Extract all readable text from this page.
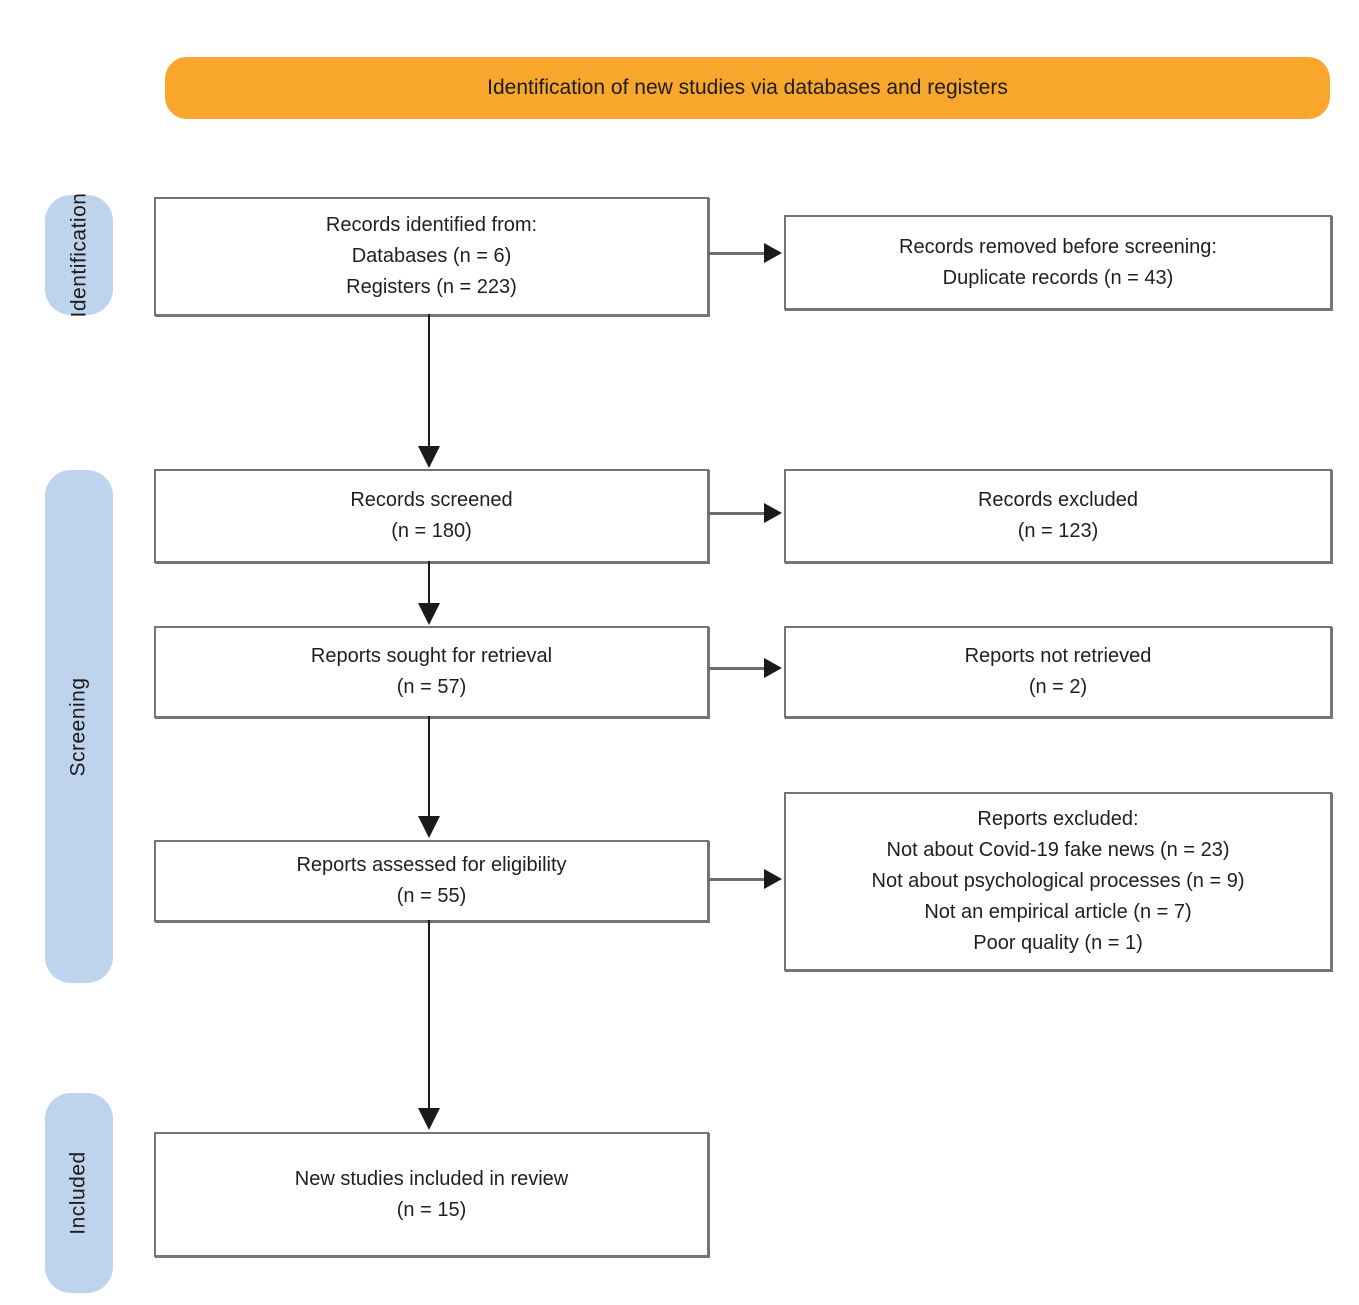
Identification of new studies via databases and registers
Identification
Screening
Included
Records identified from:
Databases (n = 6)
Registers (n = 223)
Records screened
(n = 180)
Reports sought for retrieval
(n = 57)
Reports assessed for eligibility
(n = 55)
New studies included in review
(n = 15)
Records removed before screening:
Duplicate records (n = 43)
Records excluded
(n = 123)
Reports not retrieved
(n = 2)
Reports excluded:
Not about Covid-19 fake news (n = 23)
Not about psychological processes (n = 9)
Not an empirical article (n = 7)
Poor quality (n = 1)
